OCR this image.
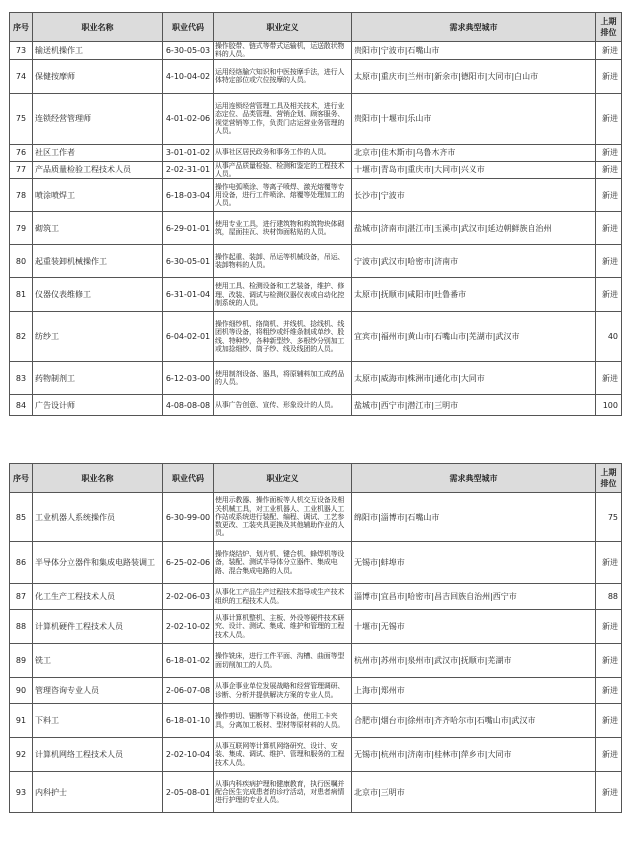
序号	职业名称	职业代码	职业定义	需求典型城市	上期排位
73	输送机操作工	6-30-05-03	操作胶带、链式等带式运输机，运送散状物料的人员。	贵阳市|宁波市|石嘴山市	新进
74	保健按摩师	4-10-04-02	运用经络腧穴知识和中医按摩手法，进行人体特定部位或穴位按摩的人员。	太原市|重庆市|兰州市|新余市|德阳市|大同市|白山市	新进
75	连锁经营管理师	4-01-02-06	运用连锁经营管理工具及相关技术，进行业态定位、品类管理、营销企划、顾客服务、视觉营销等工作，负责门店运营业务管理的人员。	贵阳市|十堰市|乐山市	新进
76	社区工作者	3-01-01-02	从事社区居民政务和事务工作的人员。	北京市|佳木斯市|乌鲁木齐市	新进
77	产品质量检验工程技术人员	2-02-31-01	从事产品质量检验、检测和鉴定的工程技术人员。	十堰市|青岛市|重庆市|大同市|兴义市	新进
78	喷涂喷焊工	6-18-03-04	操作电弧喷涂、等离子喷焊、激光熔覆等专用设备，进行工件喷涂、熔覆等处理加工的人员。	长沙市|宁波市	新进
79	砌筑工	6-29-01-01	使用专业工具，进行建筑物和构筑物块体砌筑，屋面挂瓦、块材饰面粘贴的人员。	盐城市|济南市|湛江市|玉溪市|武汉市|延边朝鲜族自治州	新进
80	起重装卸机械操作工	6-30-05-01	操作起重、装卸、吊运等机械设备，吊运、装卸物料的人员。	宁波市|武汉市|哈密市|济南市	新进
81	仪器仪表维修工	6-31-01-04	使用工具、检测设备和工艺装备，维护、修理、改装、调试与检测仪器仪表或自动化控制系统的人员。	太原市|抚顺市|咸阳市|吐鲁番市	新进
82	纺纱工	6-04-02-01	操作细纱机、络筒机、并线机、捻线机、线团机等设备，将粗纱或纤维条制成单纱、股线、特种纱，各种新型纱、多根纱分别加工或加捻细纱、筒子纱、线及线团的人员。	宜宾市|福州市|黄山市|石嘴山市|芜湖市|武汉市	40
83	药物制剂工	6-12-03-00	使用制剂设备、器具，将原辅料加工成药品的人员。	太原市|威海市|株洲市|通化市|大同市	新进
84	广告设计师	4-08-08-08	从事广告创意、宣传、形象设计的人员。	盐城市|西宁市|潜江市|三明市	100
序号	职业名称	职业代码	职业定义	需求典型城市	上期排位
85	工业机器人系统操作员	6-30-99-00	使用示教器、操作面板等人机交互设备及相关机械工具，对工业机器人、工业机器人工作站或系统进行装配、编程、调试、工艺参数更改、工装夹具更换及其他辅助作业的人员。	绵阳市|淄博市|石嘴山市	75
86	半导体分立器件和集成电路装调工	6-25-02-06	操作烧结炉、划片机、键合机、蜂焊机等设备，装配、测试半导体分立器件、集成电路、混合集成电路的人员。	无锡市|蚌埠市	新进
87	化工生产工程技术人员	2-02-06-03	从事化工产品生产过程技术指导或生产技术组织的工程技术人员。	淄博市|宜昌市|哈密市|昌吉回族自治州|西宁市	88
88	计算机硬件工程技术人员	2-02-10-02	从事计算机整机、主板、外设等硬件技术研究、设计、测试、集成、维护和管理的工程技术人员。	十堰市|无锡市	新进
89	铣工	6-18-01-02	操作铣床，进行工件平面、沟槽、曲面等型面切削加工的人员。	杭州市|苏州市|泉州市|武汉市|抚顺市|芜湖市	新进
90	管理咨询专业人员	2-06-07-08	从事企事业单位发展战略和经营管理调研、诊断、分析并提供解决方案的专业人员。	上海市|郑州市	新进
91	下料工	6-18-01-10	操作剪切、锯断等下料设备，使用工卡夹具，分离加工板材、型材等原材料的人员。	合肥市|烟台市|徐州市|齐齐哈尔市|石嘴山市|武汉市	新进
92	计算机网络工程技术人员	2-02-10-04	从事互联网等计算机网络研究、设计、安装、集成、调试、维护、管理和服务的工程技术人员。	无锡市|杭州市|济南市|桂林市|萍乡市|大同市	新进
93	内科护士	2-05-08-01	从事内科疾病护理和健康教育，执行医嘱并配合医生完成患者的诊疗活动，对患者病情进行护理的专业人员。	北京市|三明市	新进
